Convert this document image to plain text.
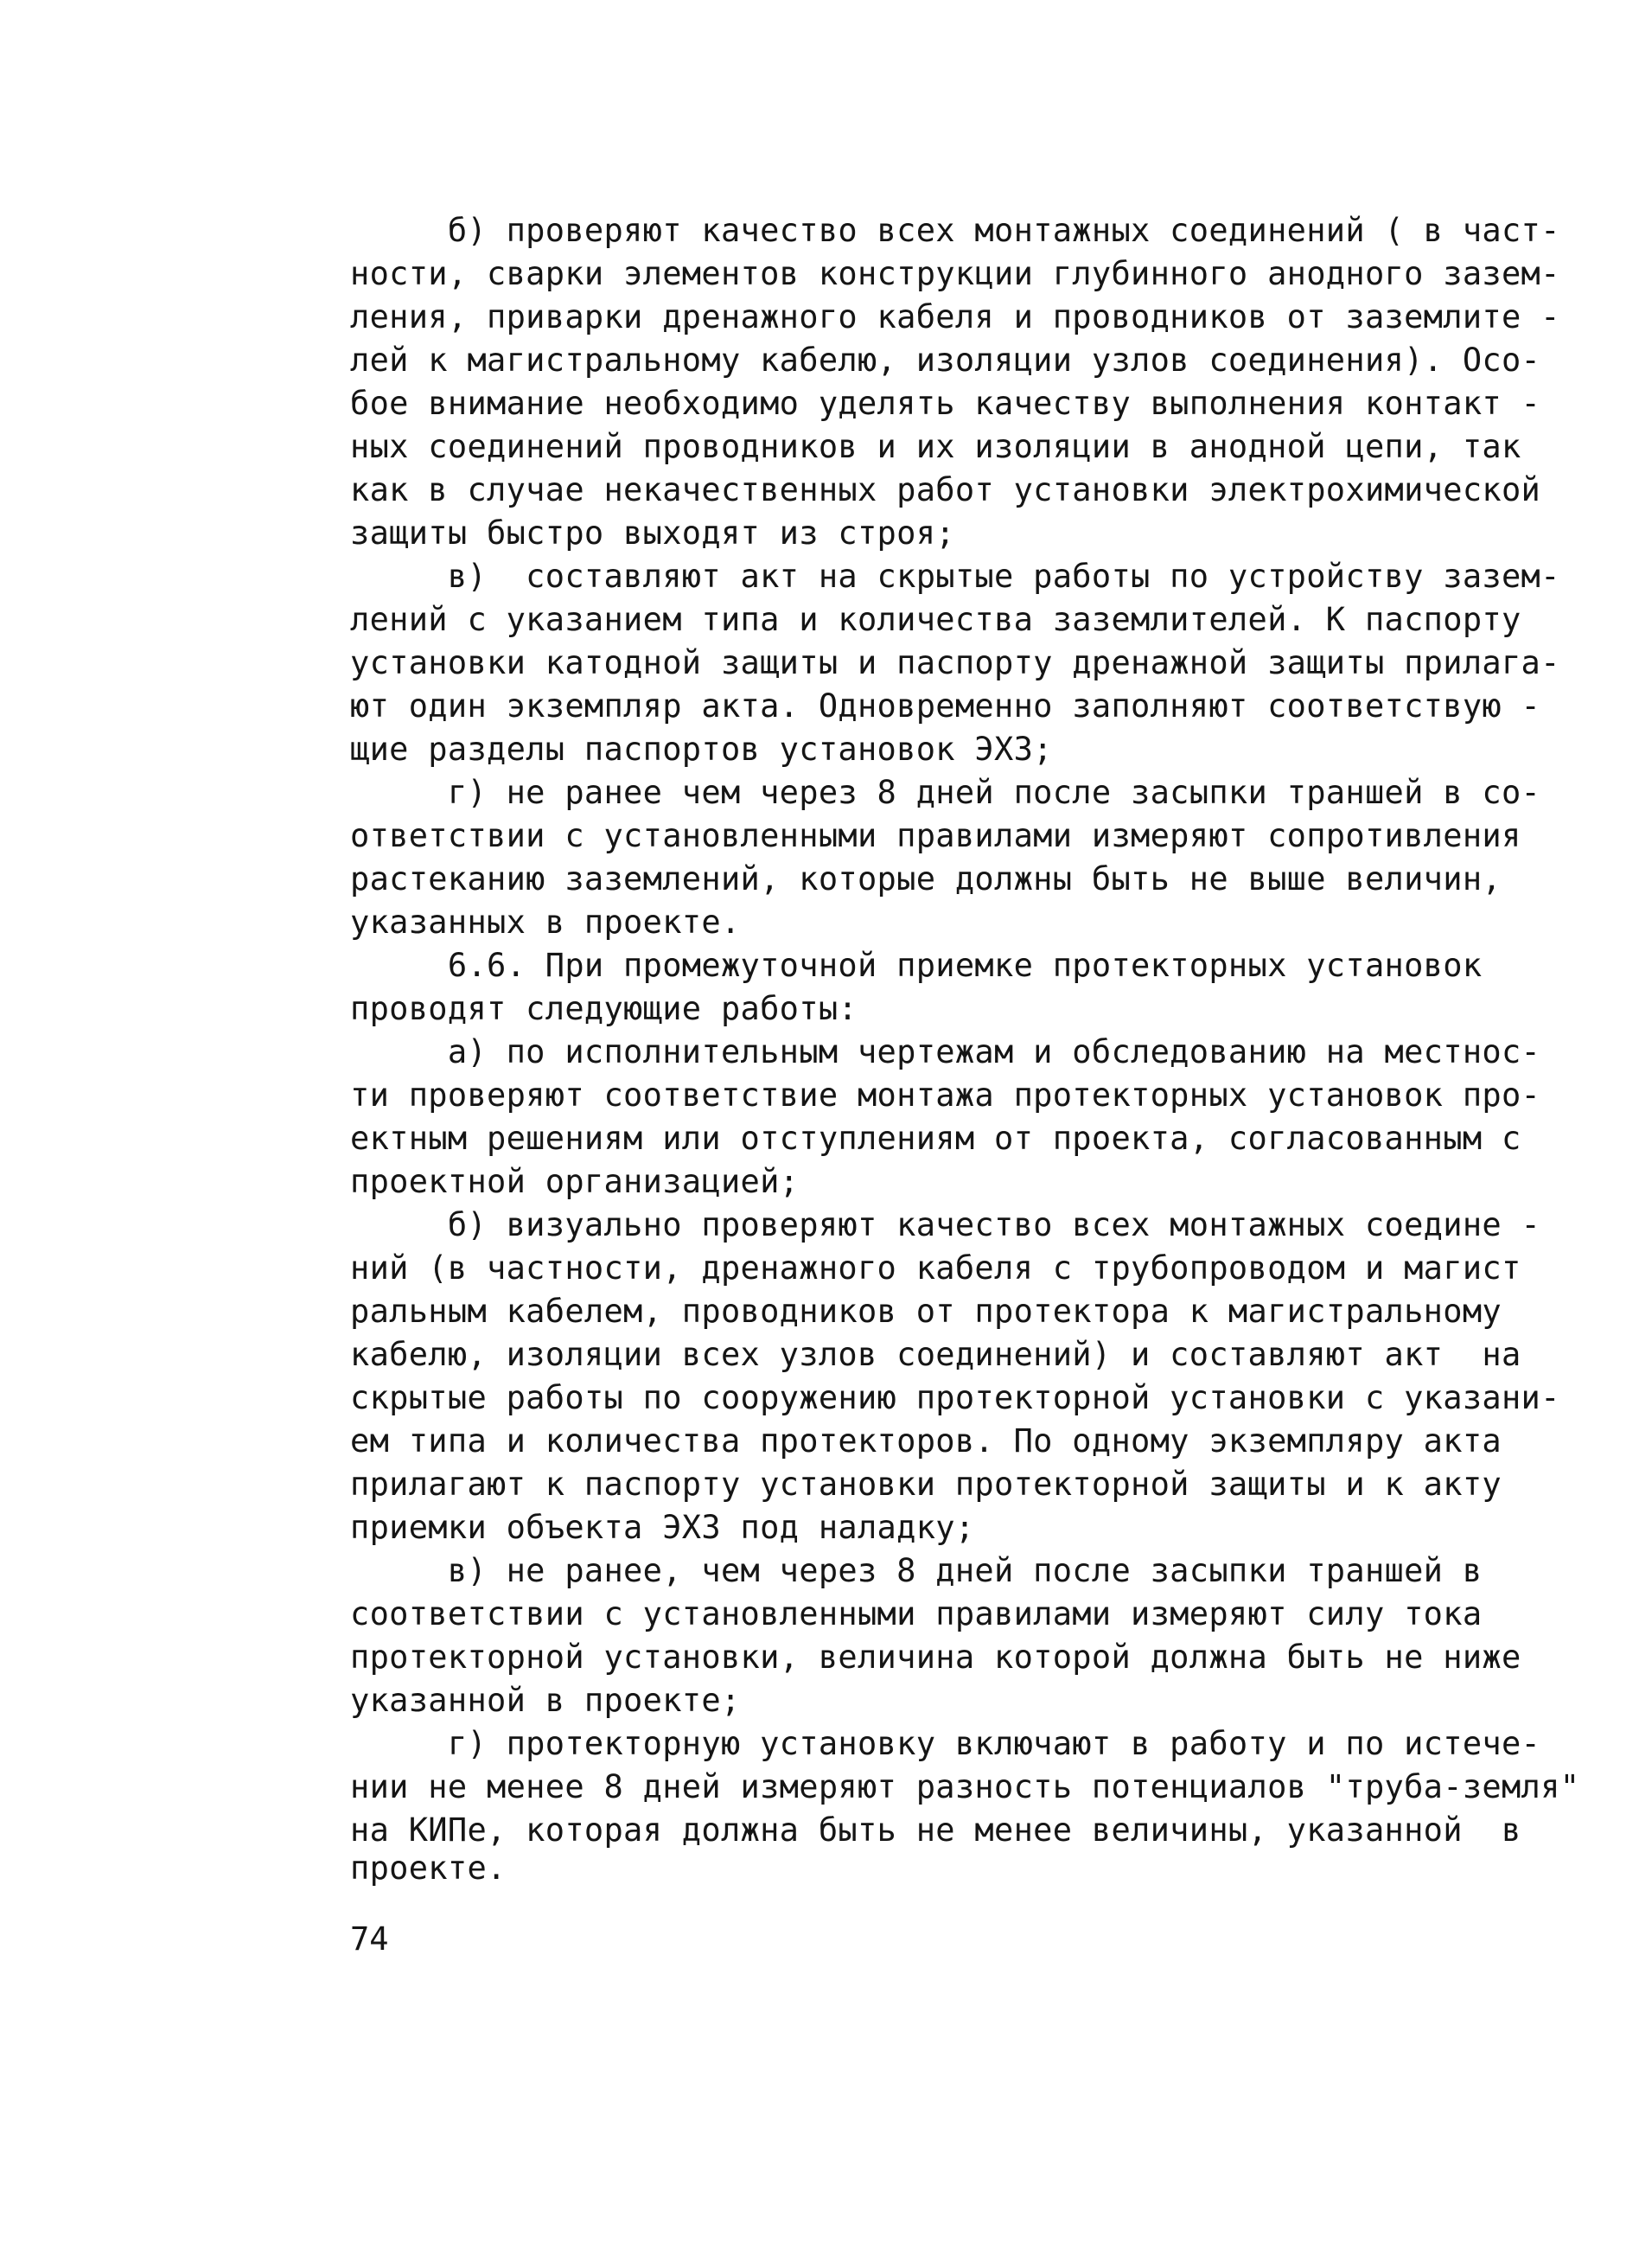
б) проверяют качество всех монтажных соединений ( в част-
ности, сварки элементов конструкции глубинного анодного зазем-
ления, приварки дренажного кабеля и проводников от заземлите -
лей к магистральному кабелю, изоляции узлов соединения). Осо-
бое внимание необходимо уделять качеству выполнения контакт -
ных соединений проводников и их изоляции в анодной цепи, так
как в случае некачественных работ установки электрохимической
защиты быстро выходят из строя;
в)  составляют акт на скрытые работы по устройству зазем-
лений с указанием типа и количества заземлителей. К паспорту
установки катодной защиты и паспорту дренажной защиты прилага-
ют один экземпляр акта. Одновременно заполняют соответствую -
щие разделы паспортов установок ЭХЗ;
г) не ранее чем через 8 дней после засыпки траншей в со-
ответствии с установленными правилами измеряют сопротивления
растеканию заземлений, которые должны быть не выше величин,
указанных в проекте.
6.6. При промежуточной приемке протекторных установок
проводят следующие работы:
а) по исполнительным чертежам и обследованию на местнос-
ти проверяют соответствие монтажа протекторных установок про-
ектным решениям или отступлениям от проекта, согласованным с
проектной организацией;
б) визуально проверяют качество всех монтажных соедине -
ний (в частности, дренажного кабеля с трубопроводом и магист
ральным кабелем, проводников от протектора к магистральному
кабелю, изоляции всех узлов соединений) и составляют акт  на
скрытые работы по сооружению протекторной установки с указани-
ем типа и количества протекторов. По одному экземпляру акта
прилагают к паспорту установки протекторной защиты и к акту
приемки объекта ЭХЗ под наладку;
в) не ранее, чем через 8 дней после засыпки траншей в
соответствии с установленными правилами измеряют силу тока
протекторной установки, величина которой должна быть не ниже
указанной в проекте;
г) протекторную установку включают в работу и по истече-
нии не менее 8 дней измеряют разность потенциалов "труба-земля"
на КИПе, которая должна быть не менее величины, указанной  в
проекте.
74
